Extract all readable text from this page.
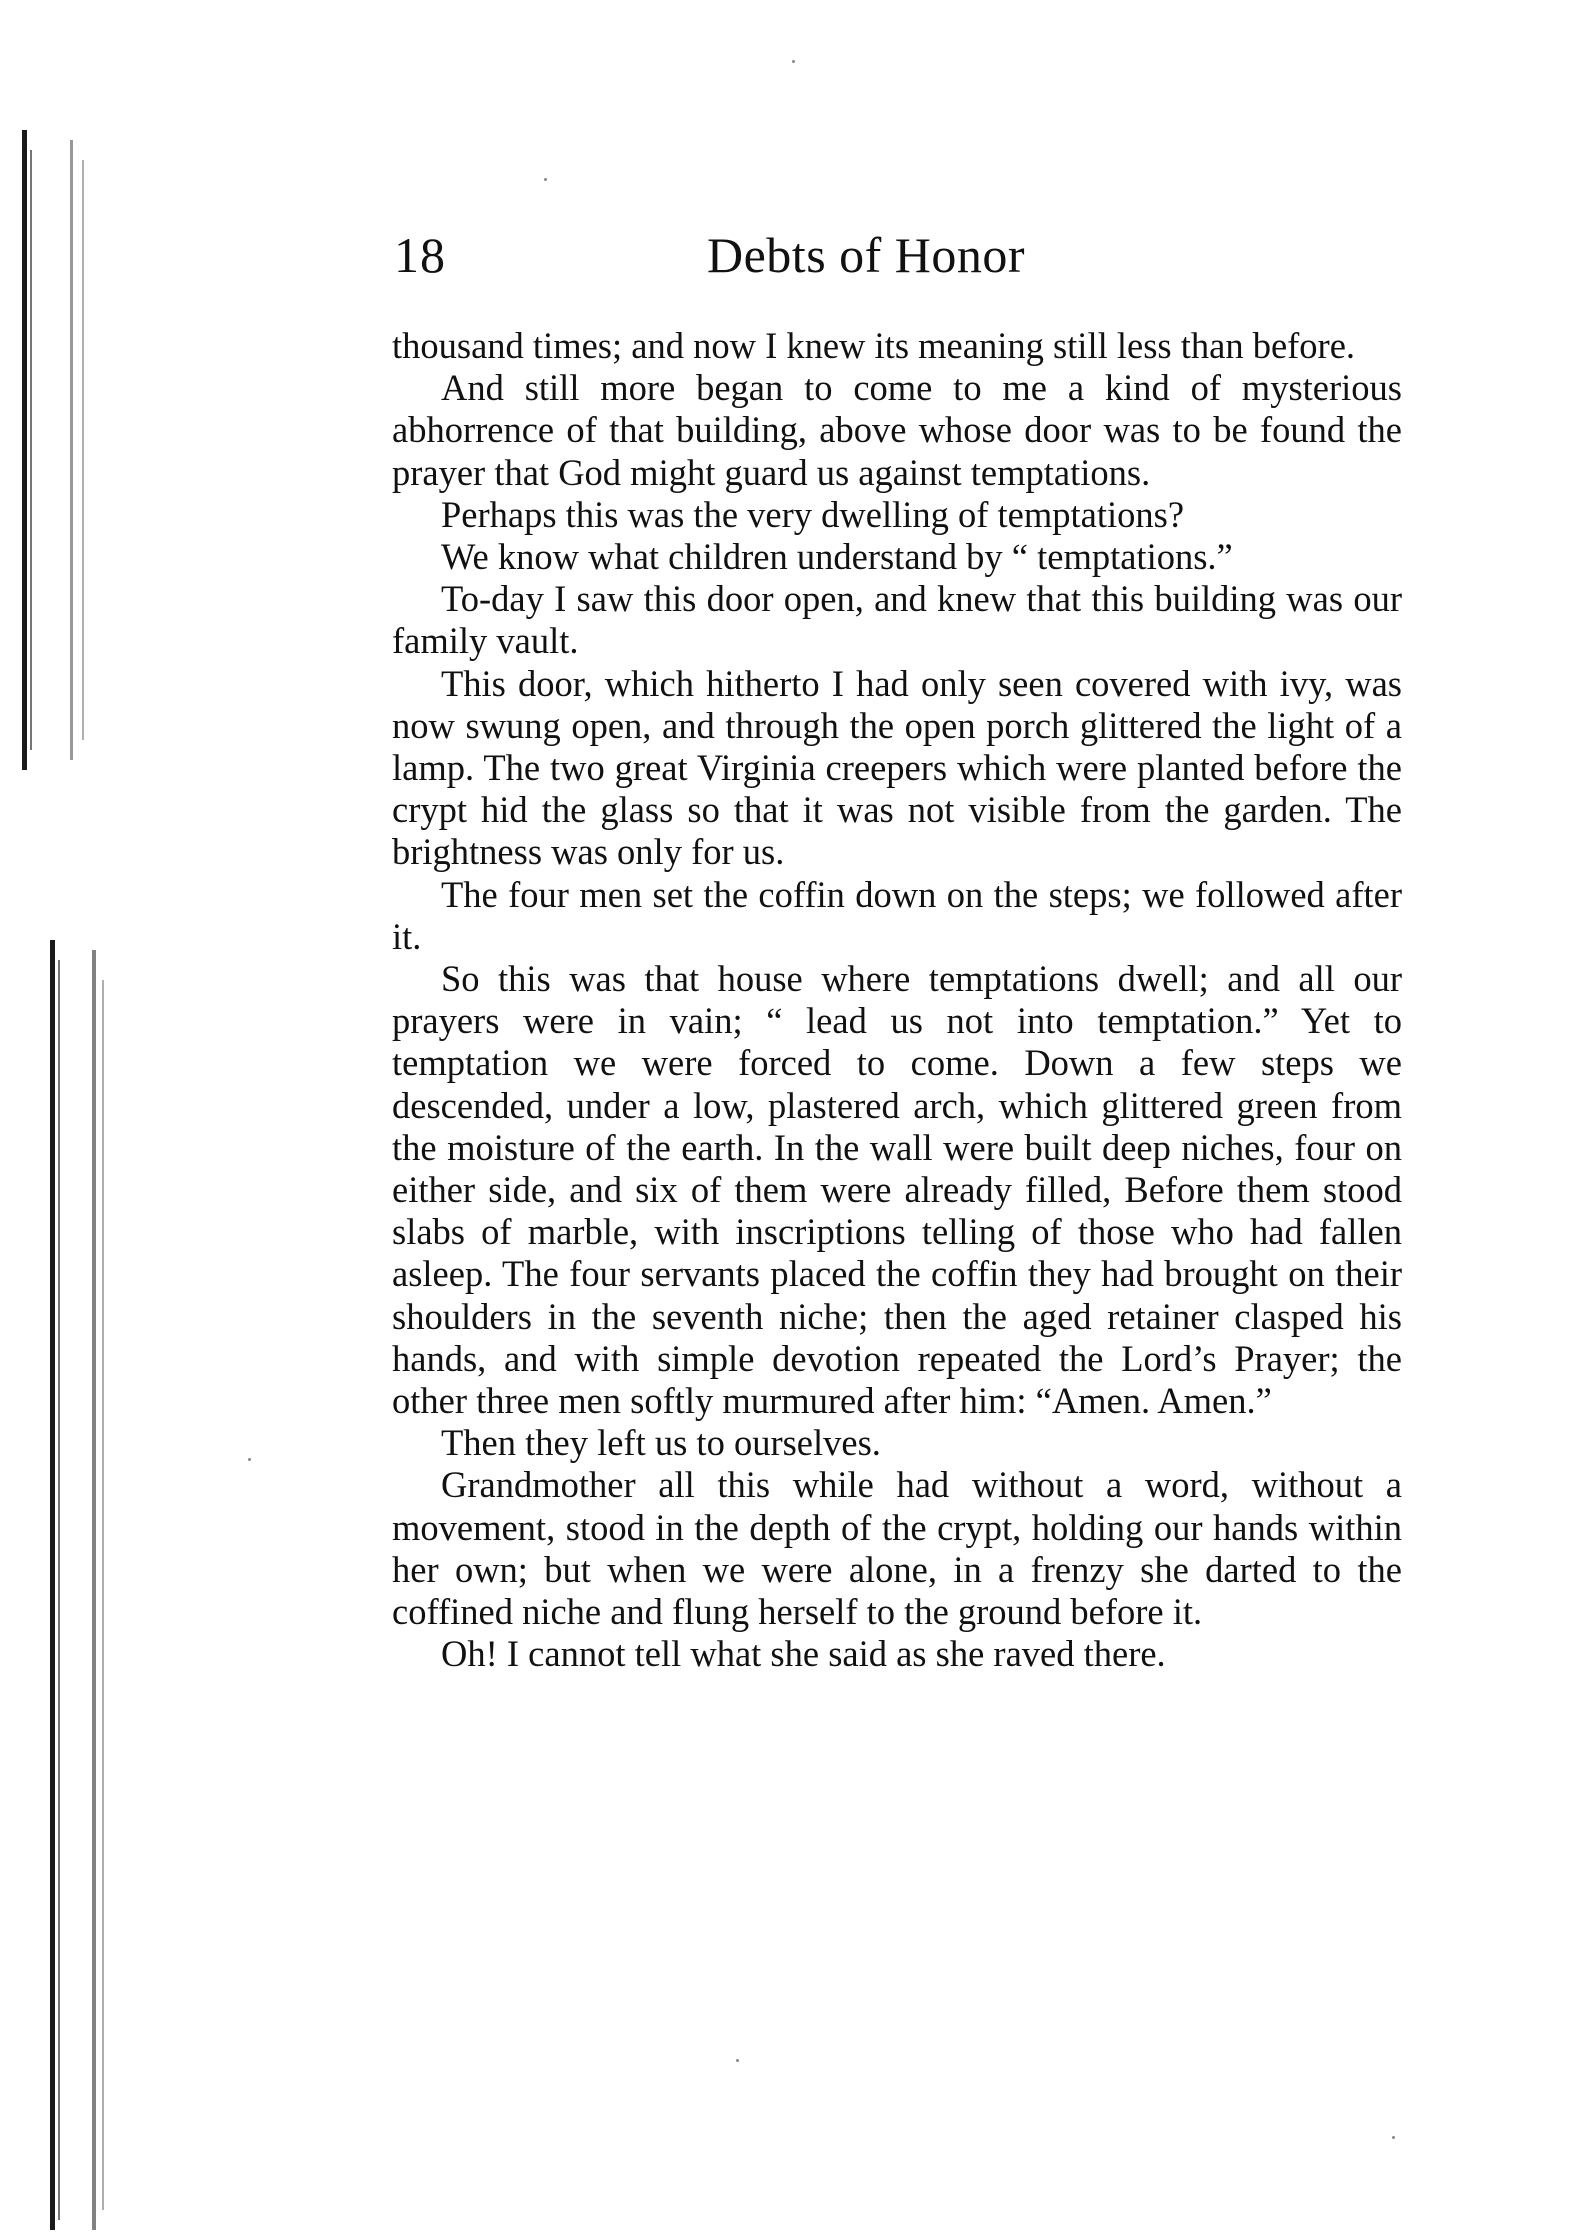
18	Debts of Honor

thousand times; and now I knew its meaning still less than before.

And still more began to come to me a kind of mysterious abhorrence of that building, above whose door was to be found the prayer that God might guard us against temptations.

Perhaps this was the very dwelling of temptations?

We know what children understand by “ temptations.”

To-day I saw this door open, and knew that this building was our family vault.

This door, which hitherto I had only seen covered with ivy, was now swung open, and through the open porch glittered the light of a lamp. The two great Virginia creepers which were planted before the crypt hid the glass so that it was not visible from the garden. The brightness was only for us.

The four men set the coffin down on the steps; we followed after it.

So this was that house where temptations dwell; and all our prayers were in vain; “ lead us not into temptation.” Yet to temptation we were forced to come. Down a few steps we descended, under a low, plastered arch, which glittered green from the moisture of the earth. In the wall were built deep niches, four on either side, and six of them were already filled, Before them stood slabs of marble, with inscriptions telling of those who had fallen asleep. The four servants placed the coffin they had brought on their shoulders in the seventh niche; then the aged retainer clasped his hands, and with simple devotion repeated the Lord’s Prayer; the other three men softly murmured after him: “Amen. Amen.”

Then they left us to ourselves.

Grandmother all this while had without a word, without a movement, stood in the depth of the crypt, holding our hands within her own; but when we were alone, in a frenzy she darted to the coffined niche and flung herself to the ground before it.

Oh! I cannot tell what she said as she raved there.
